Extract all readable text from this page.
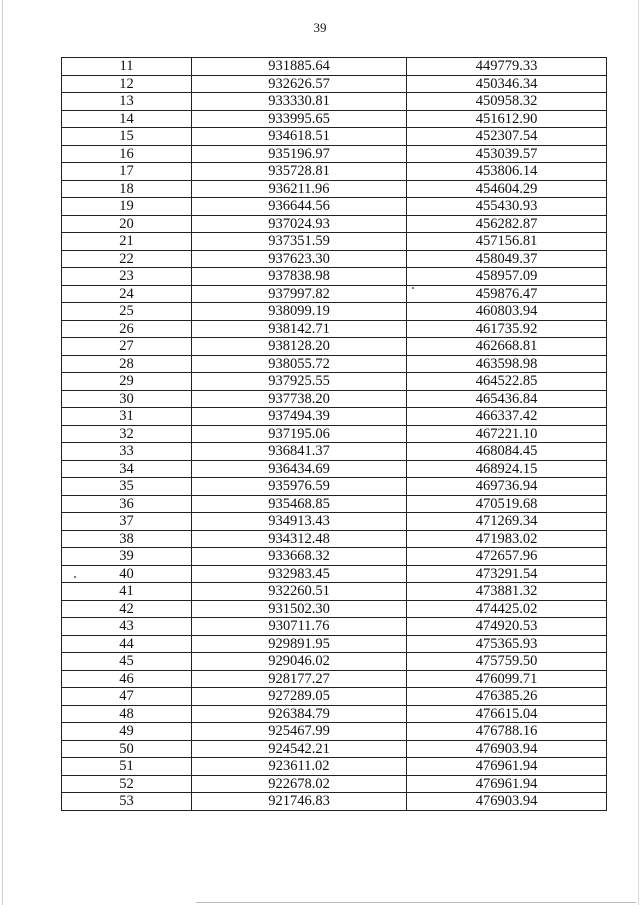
39
11	931885.64	449779.33
12	932626.57	450346.34
13	933330.81	450958.32
14	933995.65	451612.90
15	934618.51	452307.54
16	935196.97	453039.57
17	935728.81	453806.14
18	936211.96	454604.29
19	936644.56	455430.93
20	937024.93	456282.87
21	937351.59	457156.81
22	937623.30	458049.37
23	937838.98	458957.09
24	937997.82	459876.47
25	938099.19	460803.94
26	938142.71	461735.92
27	938128.20	462668.81
28	938055.72	463598.98
29	937925.55	464522.85
30	937738.20	465436.84
31	937494.39	466337.42
32	937195.06	467221.10
33	936841.37	468084.45
34	936434.69	468924.15
35	935976.59	469736.94
36	935468.85	470519.68
37	934913.43	471269.34
38	934312.48	471983.02
39	933668.32	472657.96
40	932983.45	473291.54
41	932260.51	473881.32
42	931502.30	474425.02
43	930711.76	474920.53
44	929891.95	475365.93
45	929046.02	475759.50
46	928177.27	476099.71
47	927289.05	476385.26
48	926384.79	476615.04
49	925467.99	476788.16
50	924542.21	476903.94
51	923611.02	476961.94
52	922678.02	476961.94
53	921746.83	476903.94
